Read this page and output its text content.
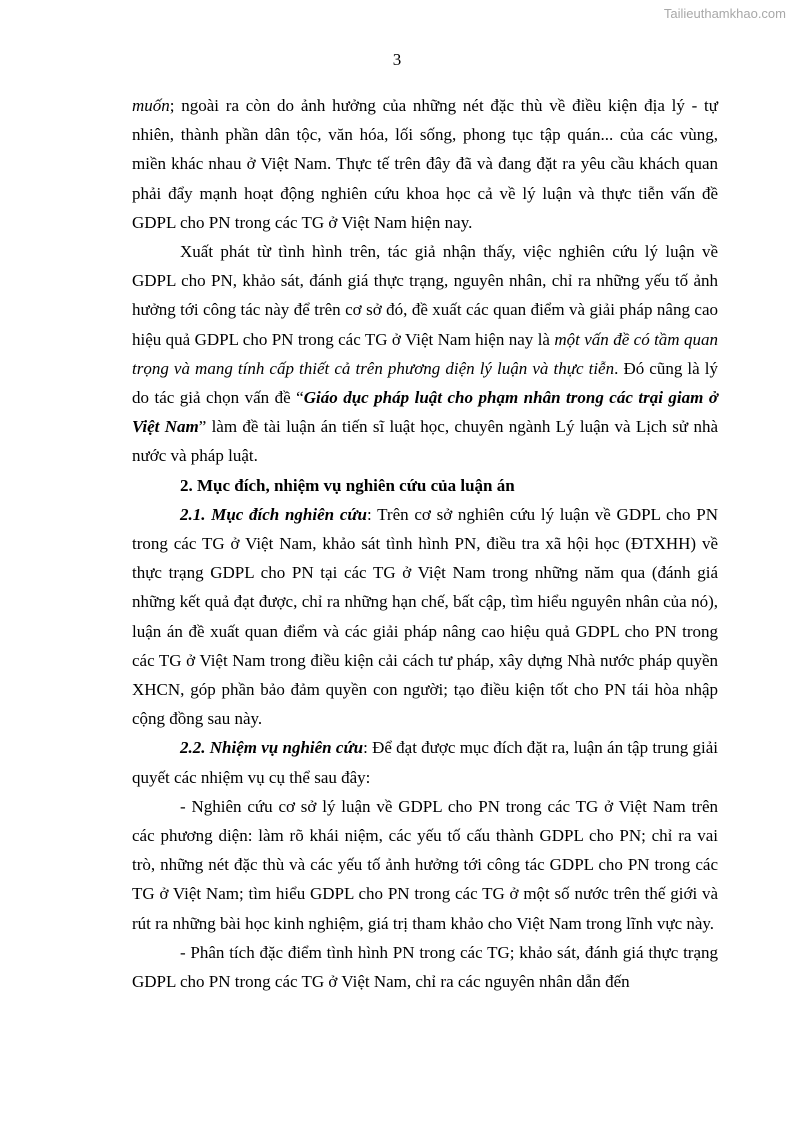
Tailieuthamkhao.com
3

muốn; ngoài ra còn do ảnh hưởng của những nét đặc thù về điều kiện địa lý - tự nhiên, thành phần dân tộc, văn hóa, lối sống, phong tục tập quán... của các vùng, miền khác nhau ở Việt Nam. Thực tế trên đây đã và đang đặt ra yêu cầu khách quan phải đẩy mạnh hoạt động nghiên cứu khoa học cả về lý luận và thực tiễn vấn đề GDPL cho PN trong các TG ở Việt Nam hiện nay.

Xuất phát từ tình hình trên, tác giả nhận thấy, việc nghiên cứu lý luận về GDPL cho PN, khảo sát, đánh giá thực trạng, nguyên nhân, chỉ ra những yếu tố ảnh hưởng tới công tác này để trên cơ sở đó, đề xuất các quan điểm và giải pháp nâng cao hiệu quả GDPL cho PN trong các TG ở Việt Nam hiện nay là một vấn đề có tầm quan trọng và mang tính cấp thiết cả trên phương diện lý luận và thực tiễn. Đó cũng là lý do tác giả chọn vấn đề “Giáo dục pháp luật cho phạm nhân trong các trại giam ở Việt Nam” làm đề tài luận án tiến sĩ luật học, chuyên ngành Lý luận và Lịch sử nhà nước và pháp luật.

2. Mục đích, nhiệm vụ nghiên cứu của luận án

2.1. Mục đích nghiên cứu: Trên cơ sở nghiên cứu lý luận về GDPL cho PN trong các TG ở Việt Nam, khảo sát tình hình PN, điều tra xã hội học (ĐTXHH) về thực trạng GDPL cho PN tại các TG ở Việt Nam trong những năm qua (đánh giá những kết quả đạt được, chỉ ra những hạn chế, bất cập, tìm hiểu nguyên nhân của nó), luận án đề xuất quan điểm và các giải pháp nâng cao hiệu quả GDPL cho PN trong các TG ở Việt Nam trong điều kiện cải cách tư pháp, xây dựng Nhà nước pháp quyền XHCN, góp phần bảo đảm quyền con người; tạo điều kiện tốt cho PN tái hòa nhập cộng đồng sau này.

2.2. Nhiệm vụ nghiên cứu: Để đạt được mục đích đặt ra, luận án tập trung giải quyết các nhiệm vụ cụ thể sau đây:

- Nghiên cứu cơ sở lý luận về GDPL cho PN trong các TG ở Việt Nam trên các phương diện: làm rõ khái niệm, các yếu tố cấu thành GDPL cho PN; chỉ ra vai trò, những nét đặc thù và các yếu tố ảnh hưởng tới công tác GDPL cho PN trong các TG ở Việt Nam; tìm hiểu GDPL cho PN trong các TG ở một số nước trên thế giới và rút ra những bài học kinh nghiệm, giá trị tham khảo cho Việt Nam trong lĩnh vực này.

- Phân tích đặc điểm tình hình PN trong các TG; khảo sát, đánh giá thực trạng GDPL cho PN trong các TG ở Việt Nam, chỉ ra các nguyên nhân dẫn đến
